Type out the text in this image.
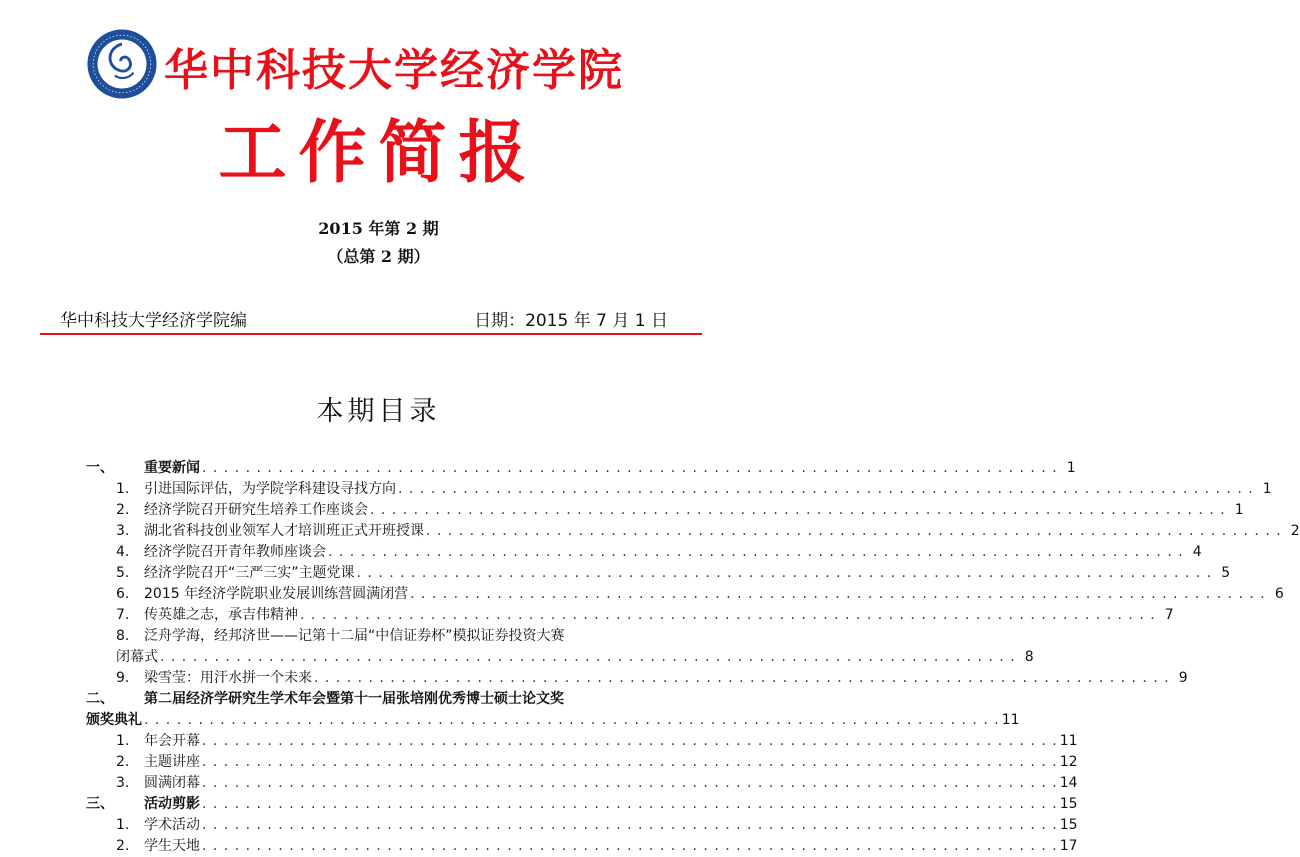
华中科技大学经济学院
工作简报
2015 年第 2 期
（总第 2 期）
华中科技大学经济学院编	日期：2015 年 7 月 1 日
本期目录
一、 重要新闻 . . . . . . . . . . . . . . . . . . . . . . . . . . . . . . . . . . . . . . . . . . . . . . . . . . . . . . . . . . . . . . . . . . . . . . . . . . . . . . . 1
1. 引进国际评估，为学院学科建设寻找方向 . . . . . . . . . . . . . . . . . . . . . . . . . . . . . . . . . . . . . . . . . . . . . . . . . . . . . . . . . . . . . . . . . . . . . . . . . . . . . . . 1
2. 经济学院召开研究生培养工作座谈会 . . . . . . . . . . . . . . . . . . . . . . . . . . . . . . . . . . . . . . . . . . . . . . . . . . . . . . . . . . . . . . . . . . . . . . . . . . . . . . . 1
3. 湖北省科技创业领军人才培训班正式开班授课 . . . . . . . . . . . . . . . . . . . . . . . . . . . . . . . . . . . . . . . . . . . . . . . . . . . . . . . . . . . . . . . . . . . . . . . . . . . . . . . 2
4. 经济学院召开青年教师座谈会 . . . . . . . . . . . . . . . . . . . . . . . . . . . . . . . . . . . . . . . . . . . . . . . . . . . . . . . . . . . . . . . . . . . . . . . . . . . . . . . 4
5. 经济学院召开“三严三实”主题党课 . . . . . . . . . . . . . . . . . . . . . . . . . . . . . . . . . . . . . . . . . . . . . . . . . . . . . . . . . . . . . . . . . . . . . . . . . . . . . . . 5
6. 2015 年经济学院职业发展训练营圆满闭营 . . . . . . . . . . . . . . . . . . . . . . . . . . . . . . . . . . . . . . . . . . . . . . . . . . . . . . . . . . . . . . . . . . . . . . . . . . . . . . . 6
7. 传英雄之志，承吉伟精神 . . . . . . . . . . . . . . . . . . . . . . . . . . . . . . . . . . . . . . . . . . . . . . . . . . . . . . . . . . . . . . . . . . . . . . . . . . . . . . . 7
8. 泛舟学海，经邦济世——记第十二届“中信证券杯”模拟证券投资大赛
闭幕式 . . . . . . . . . . . . . . . . . . . . . . . . . . . . . . . . . . . . . . . . . . . . . . . . . . . . . . . . . . . . . . . . . . . . . . . . . . . . . . . 8
9. 梁雪莹：用汗水拼一个未来 . . . . . . . . . . . . . . . . . . . . . . . . . . . . . . . . . . . . . . . . . . . . . . . . . . . . . . . . . . . . . . . . . . . . . . . . . . . . . . . 9
二、 第二届经济学研究生学术年会暨第十一届张培刚优秀博士硕士论文奖
颁奖典礼 . . . . . . . . . . . . . . . . . . . . . . . . . . . . . . . . . . . . . . . . . . . . . . . . . . . . . . . . . . . . . . . . . . . . . . . . . . . . . . . 11
1. 年会开幕 . . . . . . . . . . . . . . . . . . . . . . . . . . . . . . . . . . . . . . . . . . . . . . . . . . . . . . . . . . . . . . . . . . . . . . . . . . . . . . . 11
2. 主题讲座 . . . . . . . . . . . . . . . . . . . . . . . . . . . . . . . . . . . . . . . . . . . . . . . . . . . . . . . . . . . . . . . . . . . . . . . . . . . . . . . 12
3. 圆满闭幕 . . . . . . . . . . . . . . . . . . . . . . . . . . . . . . . . . . . . . . . . . . . . . . . . . . . . . . . . . . . . . . . . . . . . . . . . . . . . . . . 14
三、 活动剪影 . . . . . . . . . . . . . . . . . . . . . . . . . . . . . . . . . . . . . . . . . . . . . . . . . . . . . . . . . . . . . . . . . . . . . . . . . . . . . . . 15
1. 学术活动 . . . . . . . . . . . . . . . . . . . . . . . . . . . . . . . . . . . . . . . . . . . . . . . . . . . . . . . . . . . . . . . . . . . . . . . . . . . . . . . 15
2. 学生天地 . . . . . . . . . . . . . . . . . . . . . . . . . . . . . . . . . . . . . . . . . . . . . . . . . . . . . . . . . . . . . . . . . . . . . . . . . . . . . . . 17
